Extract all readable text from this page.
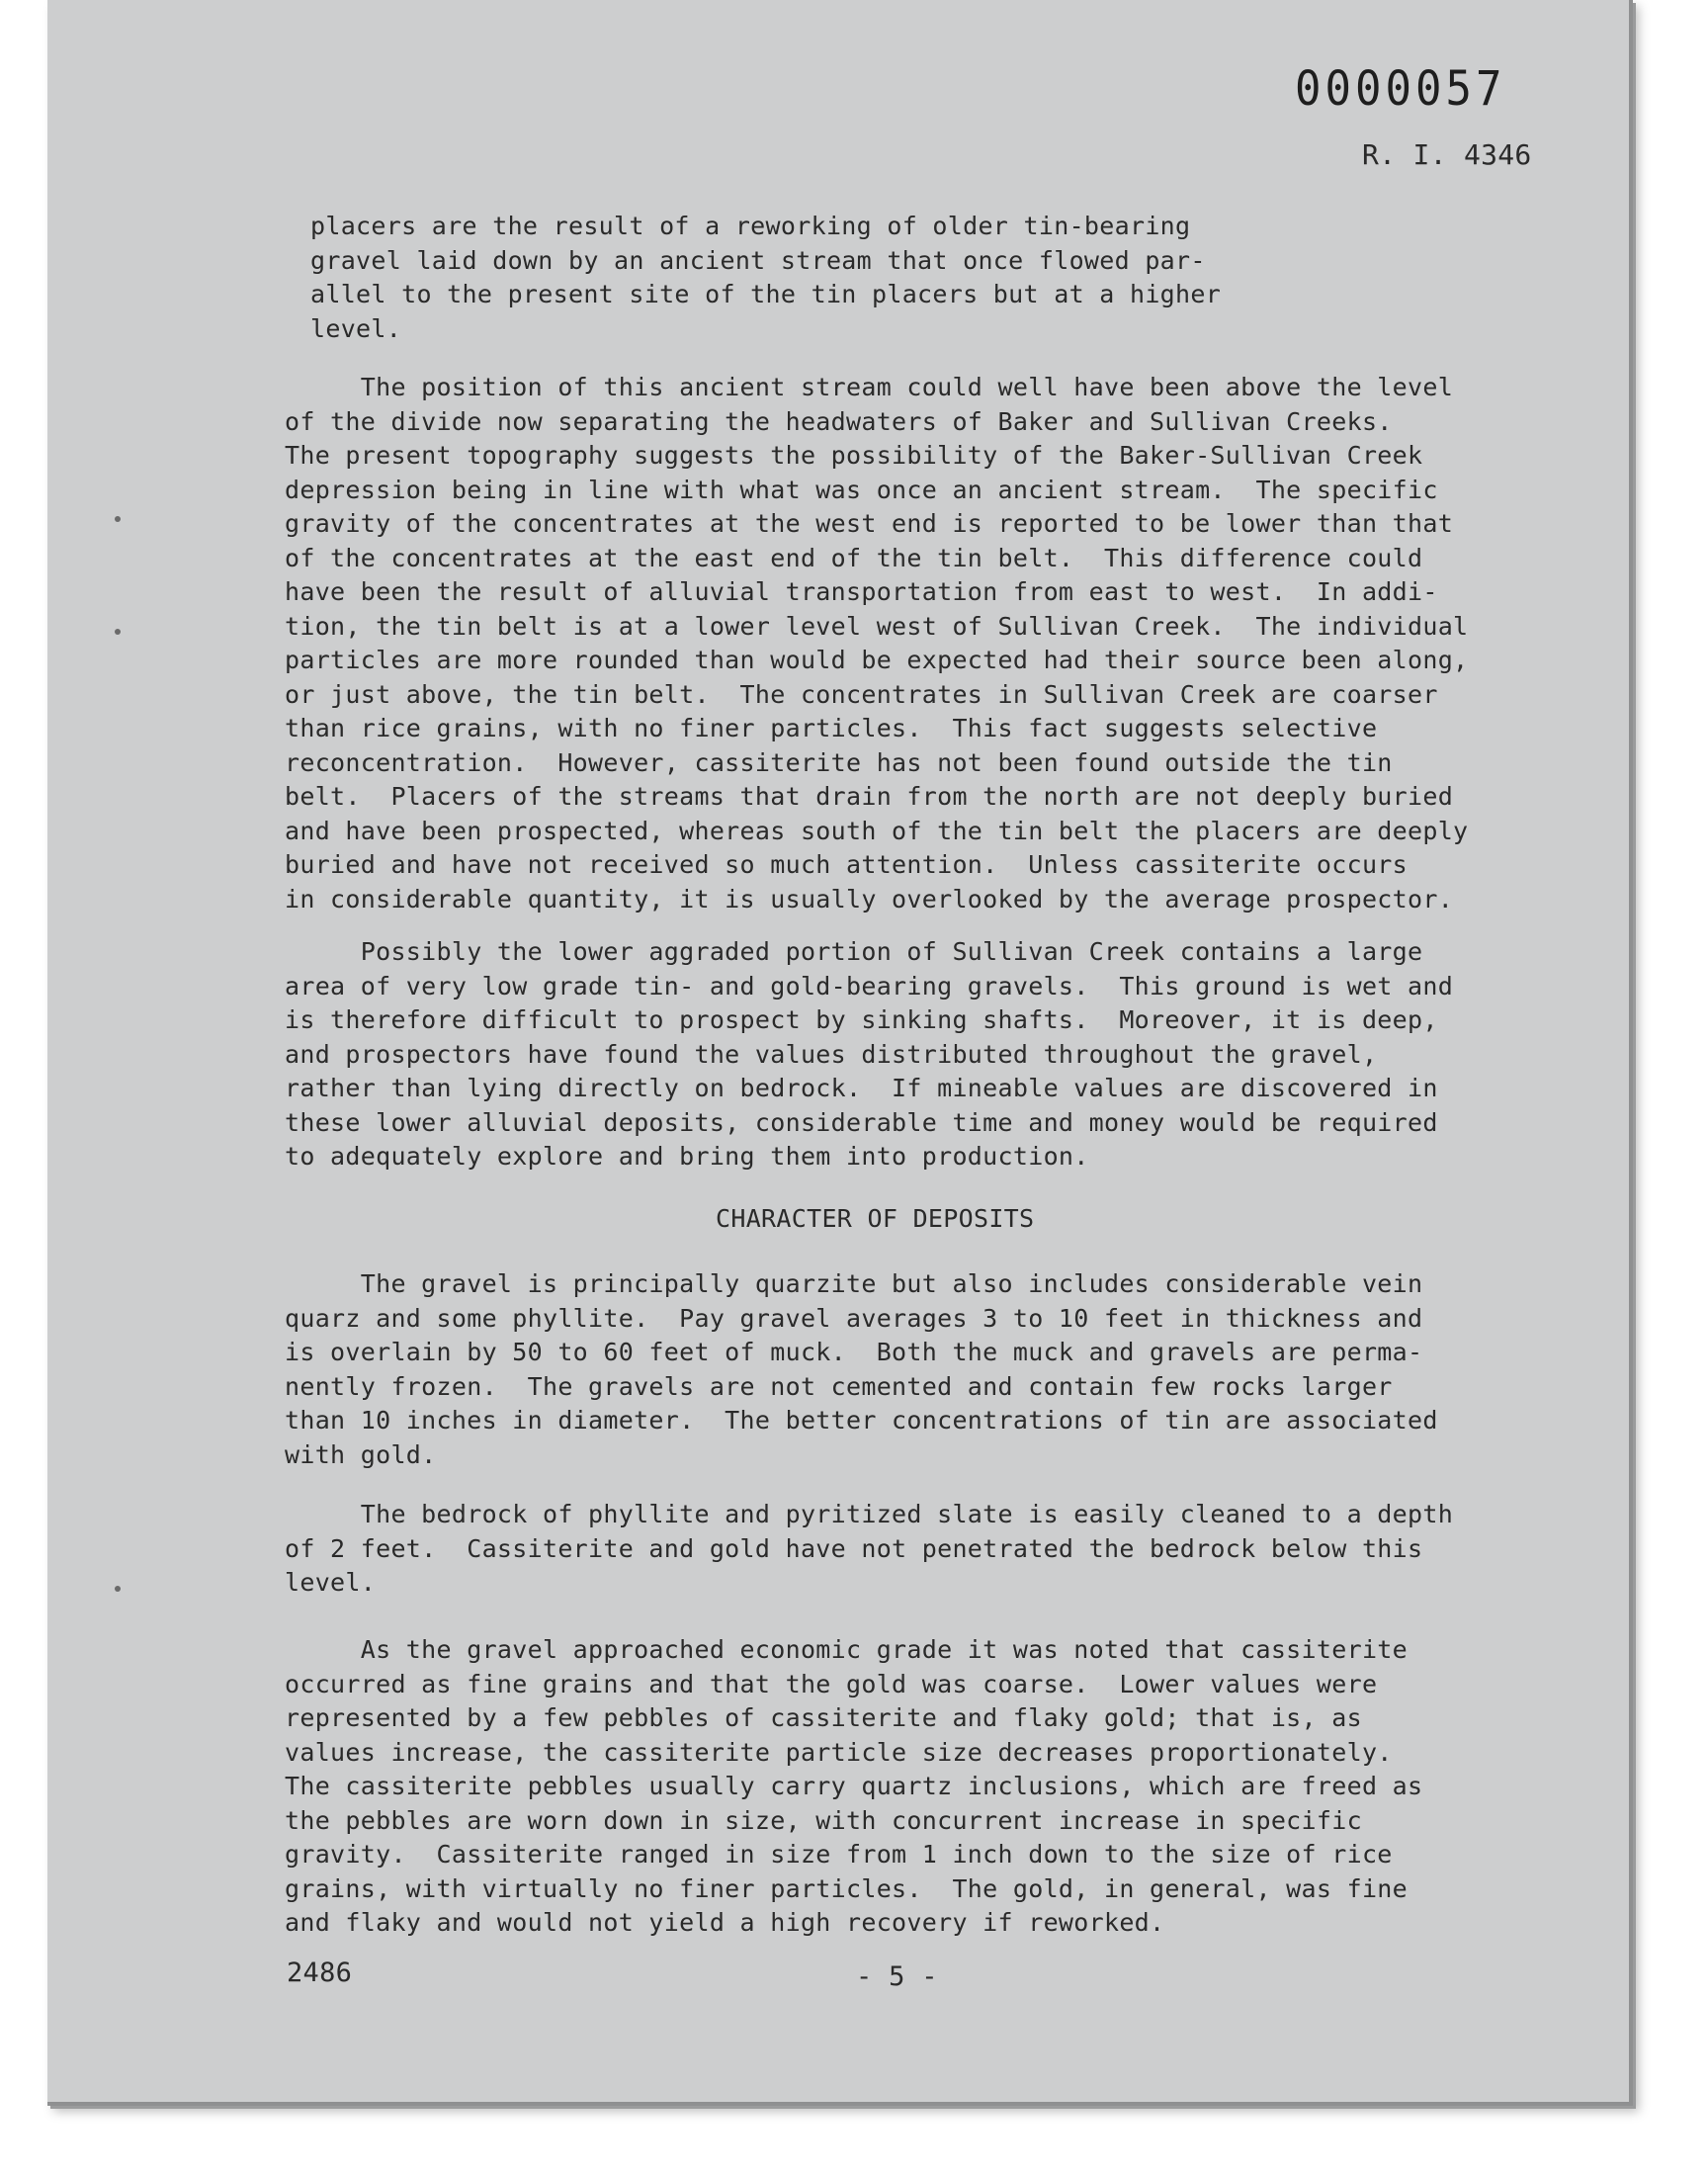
0000057
R. I. 4346
placers are the result of a reworking of older tin-bearing
gravel laid down by an ancient stream that once flowed par-
allel to the present site of the tin placers but at a higher
level.
The position of this ancient stream could well have been above the level
of the divide now separating the headwaters of Baker and Sullivan Creeks.
The present topography suggests the possibility of the Baker-Sullivan Creek
depression being in line with what was once an ancient stream.  The specific
gravity of the concentrates at the west end is reported to be lower than that
of the concentrates at the east end of the tin belt.  This difference could
have been the result of alluvial transportation from east to west.  In addi-
tion, the tin belt is at a lower level west of Sullivan Creek.  The individual
particles are more rounded than would be expected had their source been along,
or just above, the tin belt.  The concentrates in Sullivan Creek are coarser
than rice grains, with no finer particles.  This fact suggests selective
reconcentration.  However, cassiterite has not been found outside the tin
belt.  Placers of the streams that drain from the north are not deeply buried
and have been prospected, whereas south of the tin belt the placers are deeply
buried and have not received so much attention.  Unless cassiterite occurs
in considerable quantity, it is usually overlooked by the average prospector.
Possibly the lower aggraded portion of Sullivan Creek contains a large
area of very low grade tin- and gold-bearing gravels.  This ground is wet and
is therefore difficult to prospect by sinking shafts.  Moreover, it is deep,
and prospectors have found the values distributed throughout the gravel,
rather than lying directly on bedrock.  If mineable values are discovered in
these lower alluvial deposits, considerable time and money would be required
to adequately explore and bring them into production.
CHARACTER OF DEPOSITS
The gravel is principally quarzite but also includes considerable vein
quarz and some phyllite.  Pay gravel averages 3 to 10 feet in thickness and
is overlain by 50 to 60 feet of muck.  Both the muck and gravels are perma-
nently frozen.  The gravels are not cemented and contain few rocks larger
than 10 inches in diameter.  The better concentrations of tin are associated
with gold.
The bedrock of phyllite and pyritized slate is easily cleaned to a depth
of 2 feet.  Cassiterite and gold have not penetrated the bedrock below this
level.
As the gravel approached economic grade it was noted that cassiterite
occurred as fine grains and that the gold was coarse.  Lower values were
represented by a few pebbles of cassiterite and flaky gold; that is, as
values increase, the cassiterite particle size decreases proportionately.
The cassiterite pebbles usually carry quartz inclusions, which are freed as
the pebbles are worn down in size, with concurrent increase in specific
gravity.  Cassiterite ranged in size from 1 inch down to the size of rice
grains, with virtually no finer particles.  The gold, in general, was fine
and flaky and would not yield a high recovery if reworked.
2486	- 5 -
